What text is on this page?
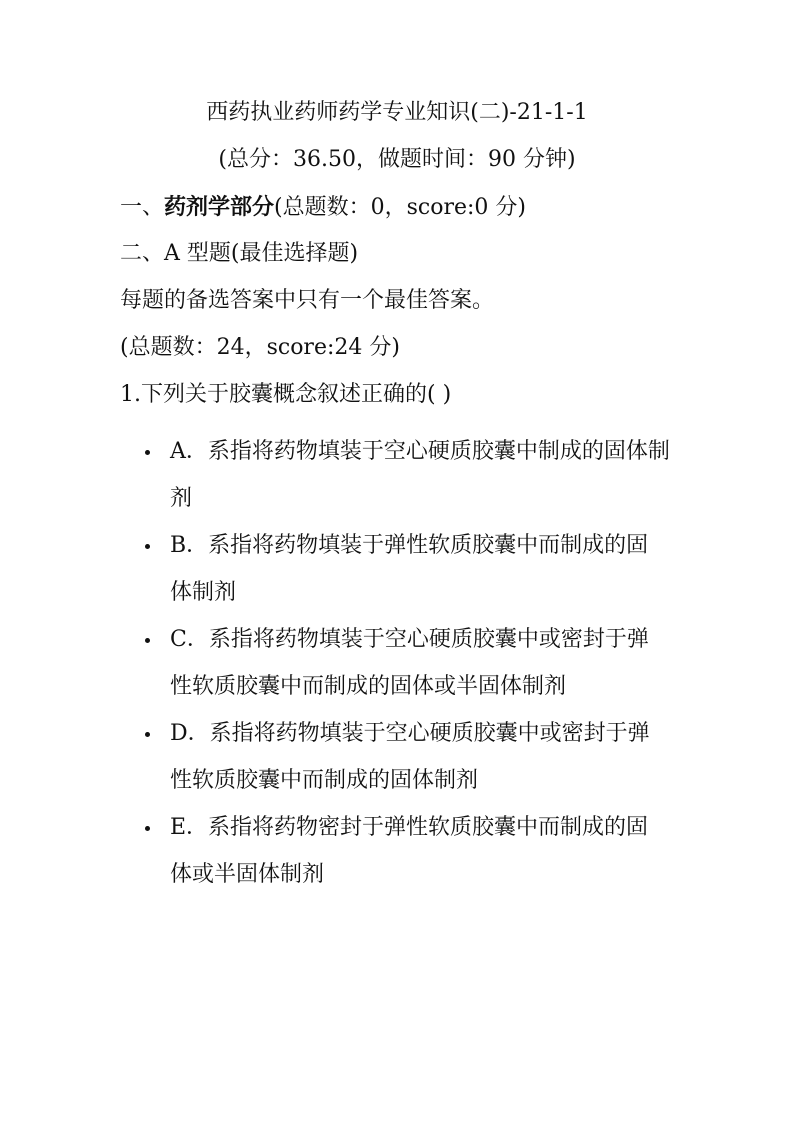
西药执业药师药学专业知识(二)-21-1-1
(总分：36.50，做题时间：90 分钟)
一、药剂学部分(总题数：0，score:0 分)
二、A 型题(最佳选择题)
每题的备选答案中只有一个最佳答案。
(总题数：24，score:24 分)
1.下列关于胶囊概念叙述正确的( )
A．系指将药物填装于空心硬质胶囊中制成的固体制剂
B．系指将药物填装于弹性软质胶囊中而制成的固体制剂
C．系指将药物填装于空心硬质胶囊中或密封于弹性软质胶囊中而制成的固体或半固体制剂
D．系指将药物填装于空心硬质胶囊中或密封于弹性软质胶囊中而制成的固体制剂
E．系指将药物密封于弹性软质胶囊中而制成的固体或半固体制剂
